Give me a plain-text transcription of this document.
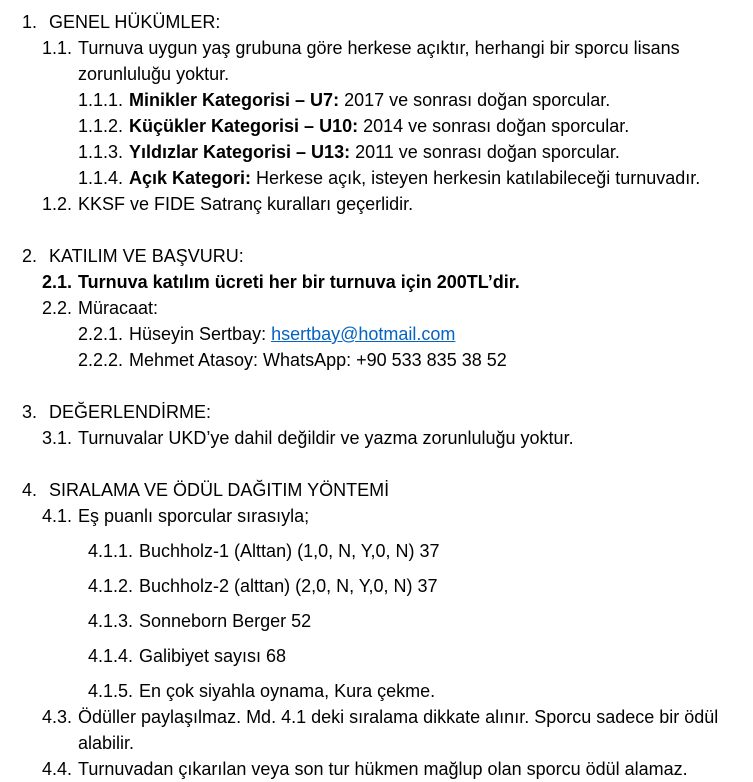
1. GENEL HÜKÜMLER:
1.1. Turnuva uygun yaş grubuna göre herkese açıktır, herhangi bir sporcu lisans zorunluluğu yoktur.
1.1.1. Minikler Kategorisi – U7: 2017 ve sonrası doğan sporcular.
1.1.2. Küçükler Kategorisi – U10: 2014 ve sonrası doğan sporcular.
1.1.3. Yıldızlar Kategorisi – U13: 2011 ve sonrası doğan sporcular.
1.1.4. Açık Kategori: Herkese açık, isteyen herkesin katılabileceği turnuvadır.
1.2. KKSF ve FIDE Satranç kuralları geçerlidir.
2. KATILIM VE BAŞVURU:
2.1. Turnuva katılım ücreti her bir turnuva için 200TL’dir.
2.2. Müracaat:
2.2.1. Hüseyin Sertbay: hsertbay@hotmail.com
2.2.2. Mehmet Atasoy: WhatsApp: +90 533 835 38 52
3. DEĞERLENDİRME:
3.1. Turnuvalar UKD’ye dahil değildir ve yazma zorunluluğu yoktur.
4. SIRALAMA VE ÖDÜL DAĞITIM YÖNTEMİ
4.1. Eş puanlı sporcular sırasıyla;
4.1.1. Buchholz-1 (Alttan) (1,0, N, Y,0, N) 37
4.1.2. Buchholz-2 (alttan) (2,0, N, Y,0, N) 37
4.1.3. Sonneborn Berger 52
4.1.4. Galibiyet sayısı 68
4.1.5. En çok siyahla oynama, Kura çekme.
4.3. Ödüller paylaşılmaz. Md. 4.1 deki sıralama dikkate alınır. Sporcu sadece bir ödül alabilir.
4.4. Turnuvadan çıkarılan veya son tur hükmen mağlup olan sporcu ödül alamaz.
